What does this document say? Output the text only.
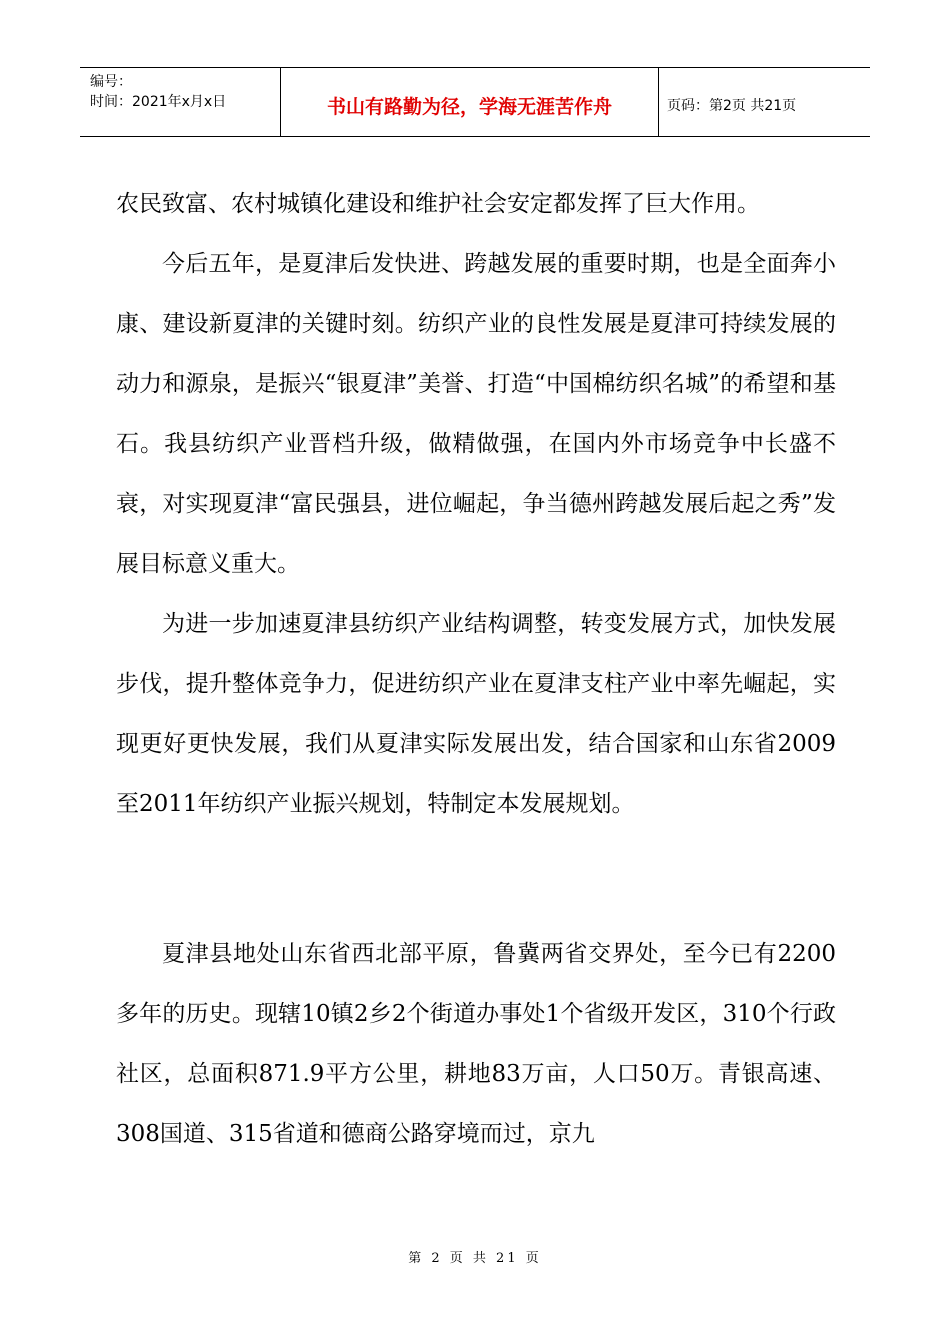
编号：
时间：2021年x月x日	书山有路勤为径，学海无涯苦作舟	页码：第2页 共21页

农民致富、农村城镇化建设和维护社会安定都发挥了巨大作用。

今后五年，是夏津后发快进、跨越发展的重要时期，也是全面奔小康、建设新夏津的关键时刻。纺织产业的良性发展是夏津可持续发展的动力和源泉，是振兴“银夏津”美誉、打造“中国棉纺织名城”的希望和基石。我县纺织产业晋档升级，做精做强，在国内外市场竞争中长盛不衰，对实现夏津“富民强县，进位崛起，争当德州跨越发展后起之秀”发展目标意义重大。

为进一步加速夏津县纺织产业结构调整，转变发展方式，加快发展步伐，提升整体竞争力，促进纺织产业在夏津支柱产业中率先崛起，实现更好更快发展，我们从夏津实际发展出发，结合国家和山东省2009至2011年纺织产业振兴规划，特制定本发展规划。

夏津县地处山东省西北部平原，鲁冀两省交界处，至今已有2200多年的历史。现辖10镇2乡2个街道办事处1个省级开发区，310个行政社区，总面积871.9平方公里，耕地83万亩，人口50万。青银高速、308国道、315省道和德商公路穿境而过，京九

第 2 页 共 21 页
